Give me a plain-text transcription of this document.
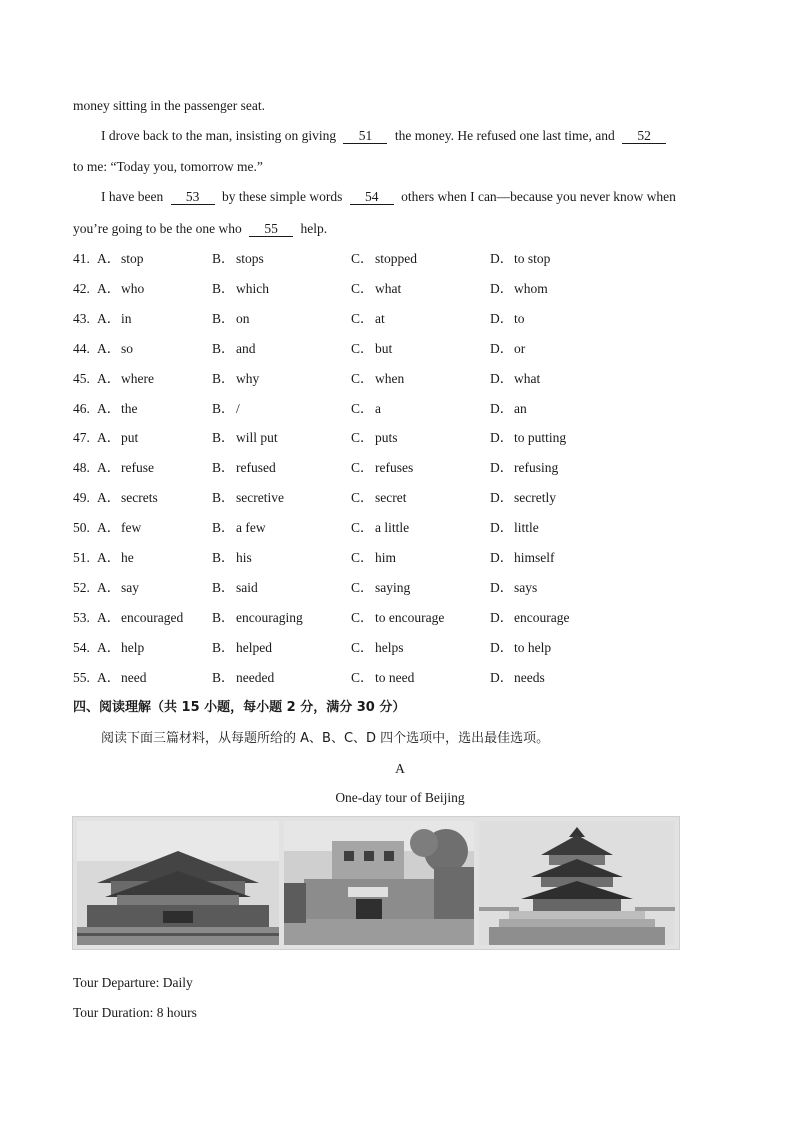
money sitting in the passenger seat.
I drove back to the man, insisting on giving 51 the money. He refused one last time, and 52
to me: “Today you, tomorrow me.”
I have been 53 by these simple words 54 others when I can—because you never know when
you’re going to be the one who 55 help.
41. A．stop	B．stops	C．stopped	D．to stop
42. A．who	B．which	C．what	D．whom
43. A．in	B．on	C．at	D．to
44. A．so	B．and	C．but	D．or
45. A．where	B．why	C．when	D．what
46. A．the	B．/	C．a	D．an
47. A．put	B．will put	C．puts	D．to putting
48. A．refuse	B．refused	C．refuses	D．refusing
49. A．secrets	B．secretive	C．secret	D．secretly
50. A．few	B．a few	C．a little	D．little
51. A．he	B．his	C．him	D．himself
52. A．say	B．said	C．saying	D．says
53. A．encouraged B．encouraging	C．to encourage	D．encourage
54. A．help	B．helped	C．helps	D．to help
55. A．need	B．needed	C．to need	D．needs
四、阅读理解（共 15 小题，每小题 2 分，满分 30 分）
阅读下面三篇材料，从每题所给的 A、B、C、D 四个选项中，选出最佳选项。
A
One-day tour of Beijing
Tour Departure: Daily
Tour Duration: 8 hours
